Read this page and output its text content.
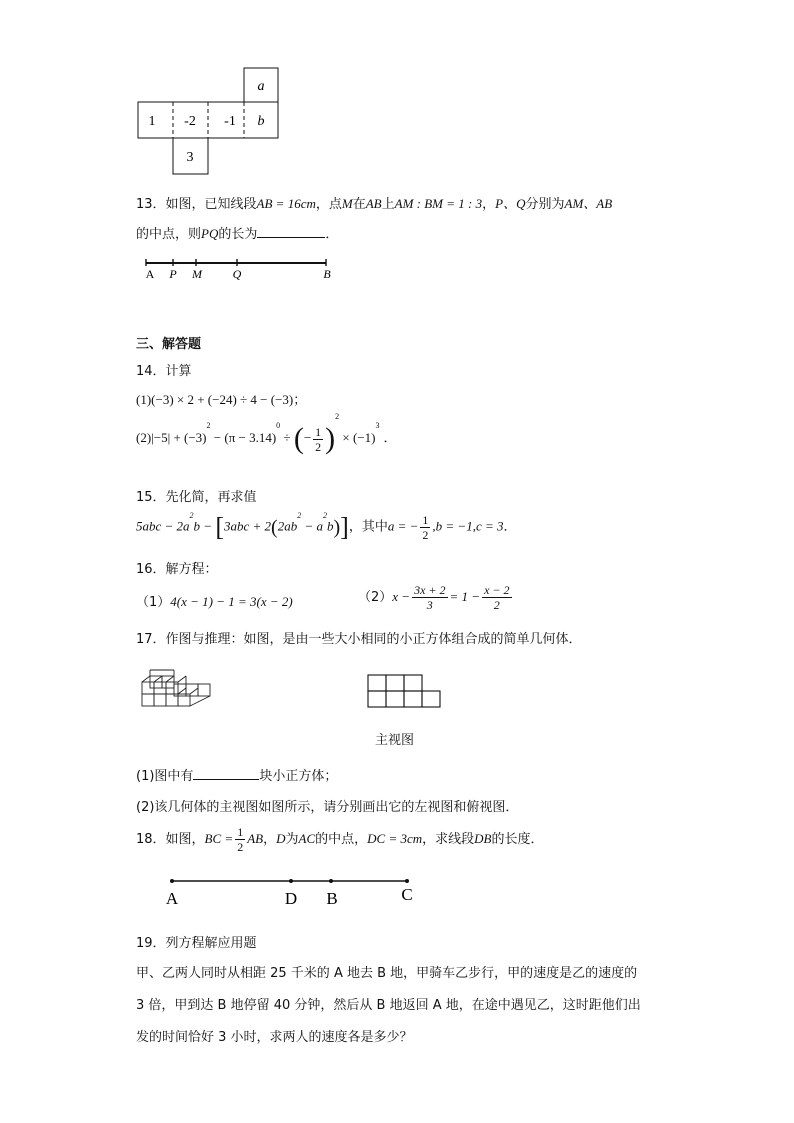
a
1 -2 -1 b
3
13．如图，已知线段AB = 16cm，点M在AB上AM : BM = 1 : 3，P、Q分别为AM、AB
的中点，则PQ的长为	．
A P M	Q	B
三、解答题
14．计算
(1)(−3) × 2 + (−24) ÷ 4 − (−3)；
$(2)|-5| + (-3)^2 - (\pi - 3.14)^0$ ÷ (− $\frac{1}{2} )^2 \times (-1)^3$．
15．先化简，再求值
$5abc - 2a^2b - [3abc + 2(2ab^2 - a^2b)]$，其中a = − $\frac{1}{2} ,b = -1,c = 3$．
16．解方程：
（1）4(x − 1) − 1 = 3(x − 2)	$(2)x - \frac{3x + 2}{3} = 1 - \frac{x - 2}{2}$
17．作图与推理：如图，是由一些大小相同的小正方体组合成的简单几何体．
主视图
(1)图中有	块小正方体；
(2)该几何体的主视图如图所示，请分别画出它的左视图和俯视图．
18．如图，BC = $\frac{1}{2}$ AB，D为AC的中点，DC = 3cm，求线段DB的长度．
A	D B	C
19．列方程解应用题
甲、乙两人同时从相距 25 千米的 A 地去 B 地，甲骑车乙步行，甲的速度是乙的速度的
3 倍，甲到达 B 地停留 40 分钟，然后从 B 地返回 A 地，在途中遇见乙，这时距他们出
发的时间恰好 3 小时，求两人的速度各是多少？
